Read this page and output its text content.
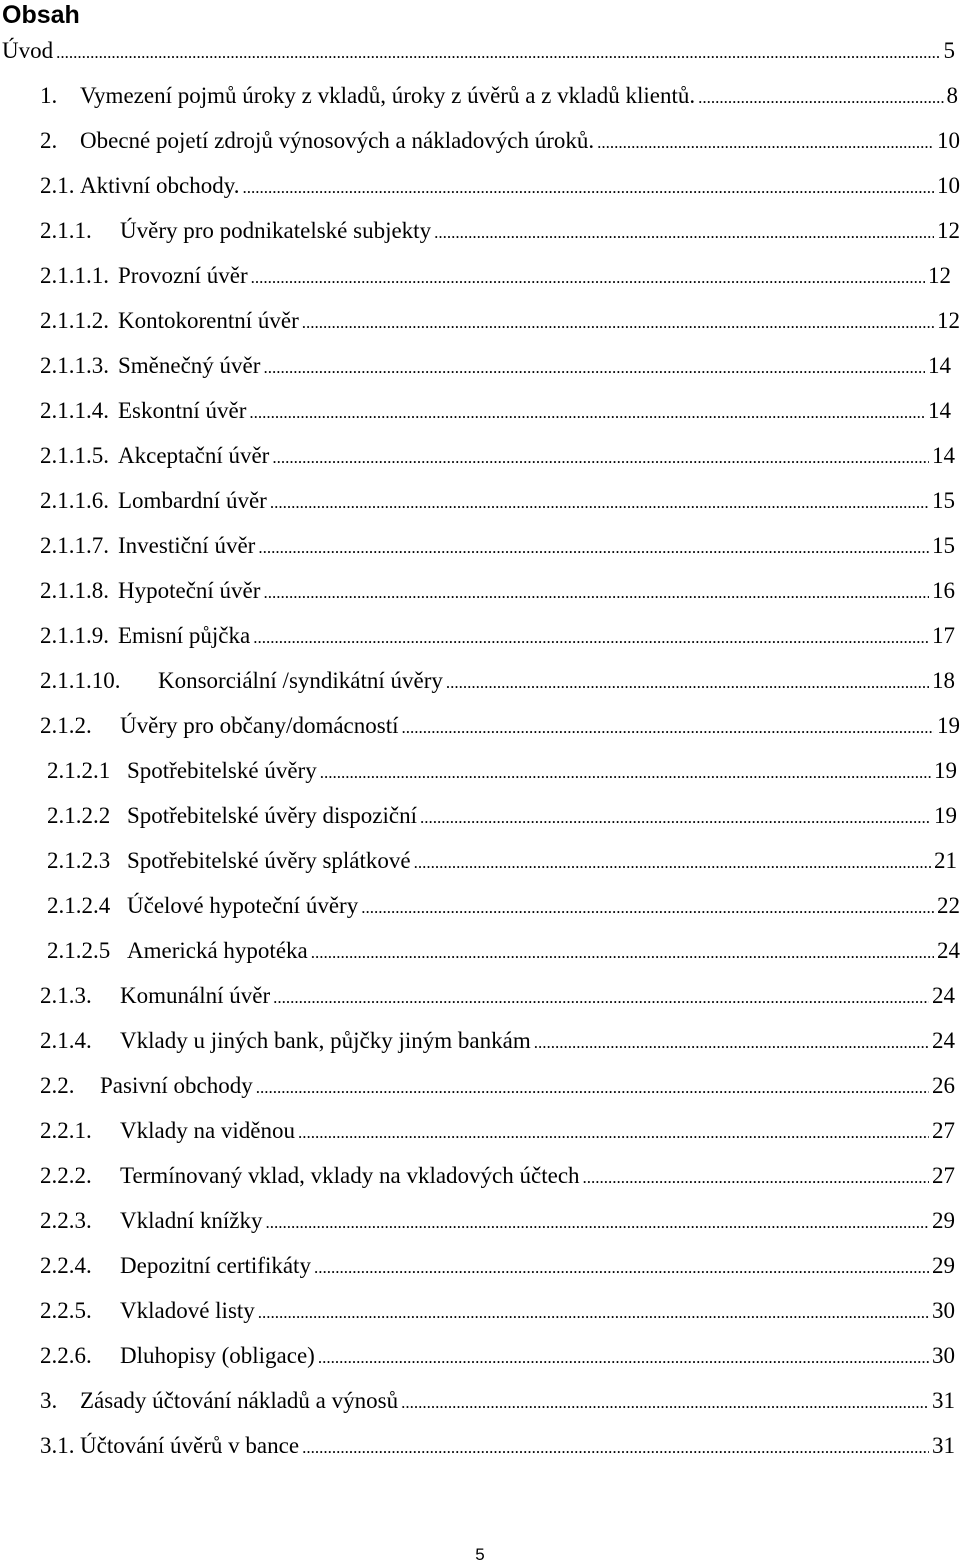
Obsah
Úvod .....	5
1. Vymezení pojmů úroky z vkladů, úroky z úvěrů a z vkladů klientů. .....	8
2. Obecné pojetí zdrojů výnosových a nákladových úroků. .....	10
2.1. Aktivní obchody. .....	10
2.1.1.	Úvěry pro podnikatelské subjekty .....	12
2.1.1.1. Provozní úvěr .....	12
2.1.1.2. Kontokorentní úvěr .....	12
2.1.1.3. Směnečný úvěr .....	14
2.1.1.4. Eskontní úvěr .....	14
2.1.1.5. Akceptační úvěr .....	14
2.1.1.6. Lombardní úvěr .....	15
2.1.1.7. Investiční úvěr .....	15
2.1.1.8. Hypoteční úvěr .....	16
2.1.1.9. Emisní půjčka .....	17
2.1.1.10.	Konsorciální /syndikátní úvěry .....	18
2.1.2.	Úvěry pro občany/domácností .....	19
2.1.2.1 Spotřebitelské úvěry .....	19
2.1.2.2 Spotřebitelské úvěry dispoziční .....	19
2.1.2.3 Spotřebitelské úvěry splátkové .....	21
2.1.2.4 Účelové hypoteční úvěry .....	22
2.1.2.5 Americká hypotéka .....	24
2.1.3.	Komunální úvěr .....	24
2.1.4.	Vklady u jiných bank, půjčky jiným bankám .....	24
2.2.	Pasivní obchody .....	26
2.2.1.	Vklady na viděnou .....	27
2.2.2.	Termínovaný vklad, vklady na vkladových účtech .....	27
2.2.3.	Vkladní knížky .....	29
2.2.4.	Depozitní certifikáty .....	29
2.2.5.	Vkladové listy .....	30
2.2.6.	Dluhopisy (obligace) .....	30
3. Zásady účtování nákladů a výnosů .....	31
3.1. Účtování úvěrů v bance .....	31
5
